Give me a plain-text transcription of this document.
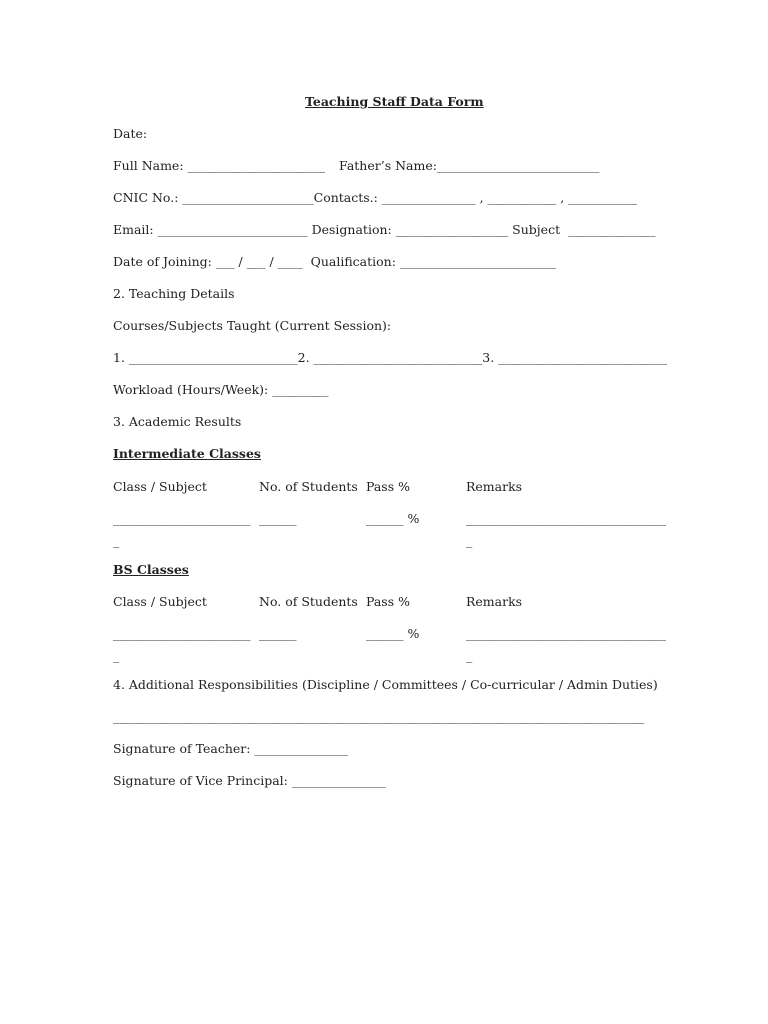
Teaching Staff Data Form
Date:
Full Name: ______________________ Father’s Name:__________________________
CNIC No.: _____________________Contacts.: _______________ , ___________ , ___________
Email: ________________________ Designation: __________________ Subject  ______________
Date of Joining: ___ / ___ / ____  Qualification: _________________________
2. Teaching Details
Courses/Subjects Taught (Current Session):
1. ___________________________2. ___________________________3. ___________________________
Workload (Hours/Week): _________
3. Academic Results
Intermediate Classes
Class / Subject	No. of Students Pass %	Remarks
______________________ ______	______ %	________________________________
_	_
BS Classes
Class / Subject	No. of Students Pass %	Remarks
______________________ ______	______ %	________________________________
_	_
4. Additional Responsibilities (Discipline / Committees / Co-curricular / Admin Duties)
_____________________________________________________________________________________
Signature of Teacher: _______________
Signature of Vice Principal: _______________
